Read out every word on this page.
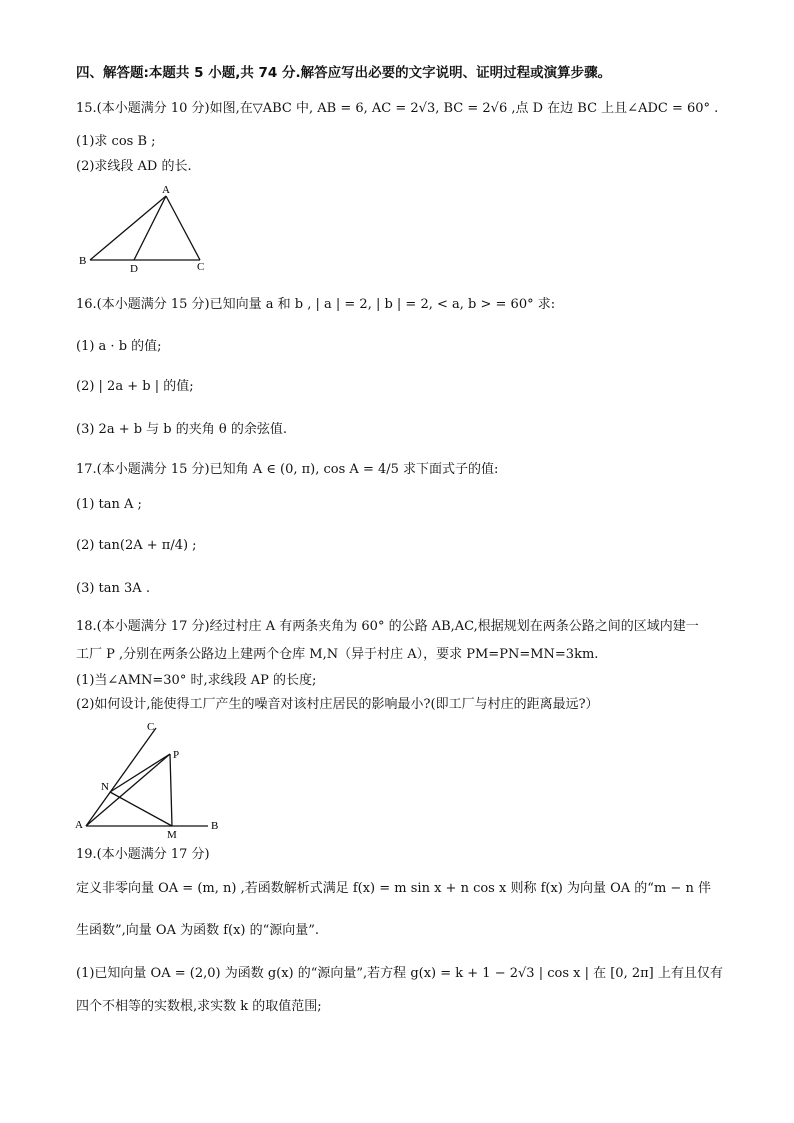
四、解答题:本题共 5 小题,共 74 分.解答应写出必要的文字说明、证明过程或演算步骤。
15.(本小题满分 10 分)如图,在▽ABC 中, AB = 6, AC = 2√3, BC = 2√6 ,点 D 在边 BC 上且∠ADC = 60° .
(1)求 cos B ;
(2)求线段 AD 的长.
A
B
D	C
16.(本小题满分 15 分)已知向量 a 和 b , | a | = 2, | b | = 2, < a, b > = 60° 求:
(1) a · b 的值;
(2) | 2a + b | 的值;
(3) 2a + b 与 b 的夹角 θ 的余弦值.
17.(本小题满分 15 分)已知角 A ∈ (0, π), cos A = 4/5 求下面式子的值:
(1) tan A ;
(2) tan(2A + π/4) ;
(3) tan 3A .
18.(本小题满分 17 分)经过村庄 A 有两条夹角为 60° 的公路 AB,AC,根据规划在两条公路之间的区域内建一
工厂 P ,分别在两条公路边上建两个仓库 M,N（异于村庄 A），要求 PM=PN=MN=3km.
(1)当∠AMN=30° 时,求线段 AP 的长度;
(2)如何设计,能使得工厂产生的噪音对该村庄居民的影响最小?(即工厂与村庄的距离最远?）
C
P
N
A
M
B
19.(本小题满分 17 分)
定义非零向量 OA = (m, n) ,若函数解析式满足 f(x) = m sin x + n cos x 则称 f(x) 为向量 OA 的“m − n 伴
生函数”,向量 OA 为函数 f(x) 的“源向量”.
(1)已知向量 OA = (2,0) 为函数 g(x) 的“源向量”,若方程 g(x) = k + 1 − 2√3 | cos x | 在 [0, 2π] 上有且仅有
四个不相等的实数根,求实数 k 的取值范围;
